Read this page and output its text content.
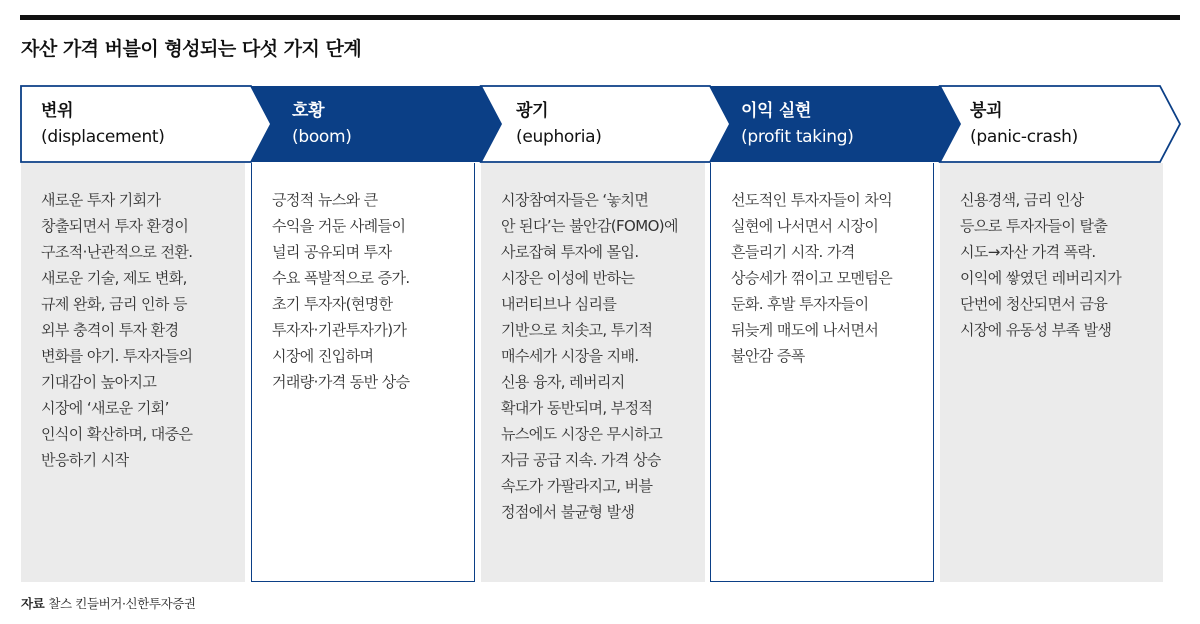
자산 가격 버블이 형성되는 다섯 가지 단계
변위
(displacement)
호황
(boom)
광기
(euphoria)
이익 실현
(profit taking)
붕괴
(panic-crash)
새로운 투자 기회가
창출되면서 투자 환경이
구조적·난관적으로 전환.
새로운 기술, 제도 변화,
규제 완화, 금리 인하 등
외부 충격이 투자 환경
변화를 야기. 투자자들의
기대감이 높아지고
시장에 ‘새로운 기회’
인식이 확산하며, 대중은
반응하기 시작
긍정적 뉴스와 큰
수익을 거둔 사례들이
널리 공유되며 투자
수요 폭발적으로 증가.
초기 투자자(현명한
투자자·기관투자가)가
시장에 진입하며
거래량·가격 동반 상승
시장참여자들은 ‘놓치면
안 된다’는 불안감(FOMO)에
사로잡혀 투자에 몰입.
시장은 이성에 반하는
내러티브나 심리를
기반으로 치솟고, 투기적
매수세가 시장을 지배.
신용 융자, 레버리지
확대가 동반되며, 부정적
뉴스에도 시장은 무시하고
자금 공급 지속. 가격 상승
속도가 가팔라지고, 버블
정점에서 불균형 발생
선도적인 투자자들이 차익
실현에 나서면서 시장이
흔들리기 시작. 가격
상승세가 꺾이고 모멘텀은
둔화. 후발 투자자들이
뒤늦게 매도에 나서면서
불안감 증폭
신용경색, 금리 인상
등으로 투자자들이 탈출
시도→자산 가격 폭락.
이익에 쌓였던 레버리지가
단번에 청산되면서 금융
시장에 유동성 부족 발생
자료 찰스 킨들버거·신한투자증권
